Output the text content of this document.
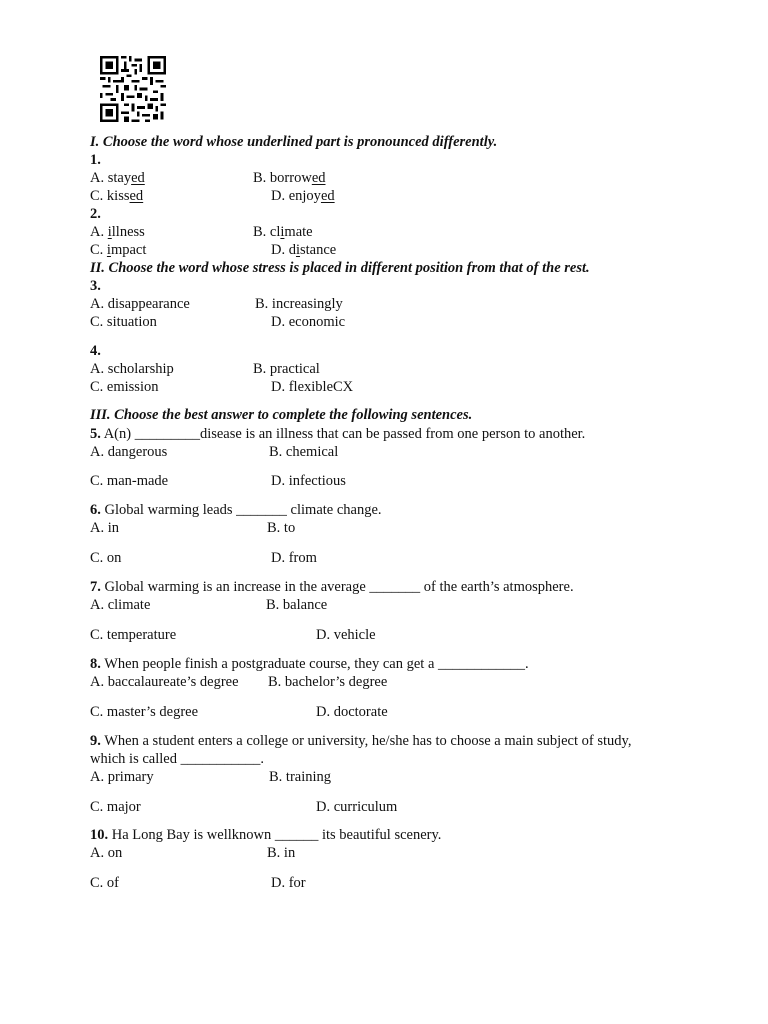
I. Choose the word whose underlined part is pronounced differently.
1.
A. stayed	B. borrowed
C. kissed	D. enjoyed
2.
A. illness	B. climate
C. impact	D. distance
II. Choose the word whose stress is placed in different position from that of the rest.
3.
A. disappearance	B. increasingly
C. situation	D. economic
4.
A. scholarship	B. practical
C. emission	D. flexibleCX
III. Choose the best answer to complete the following sentences.
5. A(n) _________disease is an illness that can be passed from one person to another.
A. dangerous	B. chemical
C. man-made	D. infectious
6. Global warming leads _______ climate change.
A. in	B. to
C. on	D. from
7. Global warming is an increase in the average _______ of the earth’s atmosphere.
A. climate	B. balance
C. temperature	D. vehicle
8. When people finish a postgraduate course, they can get a ____________.
A. baccalaureate’s degree B. bachelor’s degree
C. master’s degree	D. doctorate
9. When a student enters a college or university, he/she has to choose a main subject of study,
which is called ___________.
A. primary	B. training
C. major	D. curriculum
10. Ha Long Bay is wellknown ______ its beautiful scenery.
A. on	B. in
C. of	D. for
